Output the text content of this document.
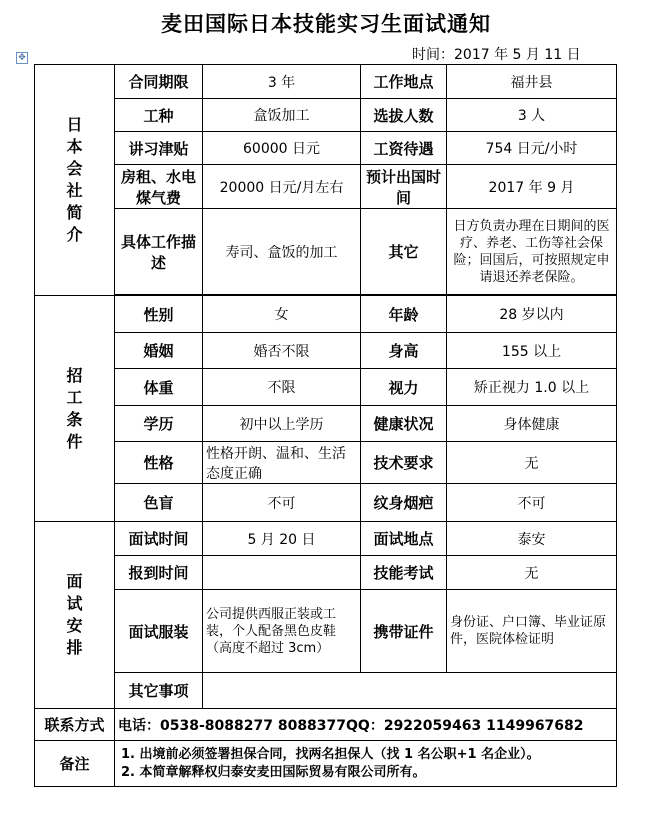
麦田国际日本技能实习生面试通知
时间：2017 年 5 月 11 日
✥
日本会社简介	合同期限	3 年	工作地点	福井县
	工种	盒饭加工	选拔人数	3 人
	讲习津贴	60000 日元	工资待遇	754 日元/小时
	房租、水电煤气费	20000 日元/月左右	预计出国时间	2017 年 9 月
	具体工作描述	寿司、盒饭的加工	其它	日方负责办理在日期间的医疗、养老、工伤等社会保险；回国后，可按照规定申请退还养老保险。

招工条件	性别	女	年龄	28 岁以内
	婚姻	婚否不限	身高	155 以上
	体重	不限	视力	矫正视力 1.0 以上
	学历	初中以上学历	健康状况	身体健康
	性格	性格开朗、温和、生活态度正确	技术要求	无
	色盲	不可	纹身烟疤	不可
面试安排	面试时间	5 月 20 日	面试地点	泰安
	报到时间		技能考试	无
	面试服装	公司提供西服正装或工装，个人配备黑色皮鞋（高度不超过 3cm）	携带证件	身份证、户口簿、毕业证原件，医院体检证明
	其它事项			
联系方式	电话：0538-8088277 8088377QQ：2922059463 1149967682			
备注	1. 出境前必须签署担保合同，找两名担保人（找 1 名公职+1 名企业）。
2. 本简章解释权归泰安麦田国际贸易有限公司所有。			
